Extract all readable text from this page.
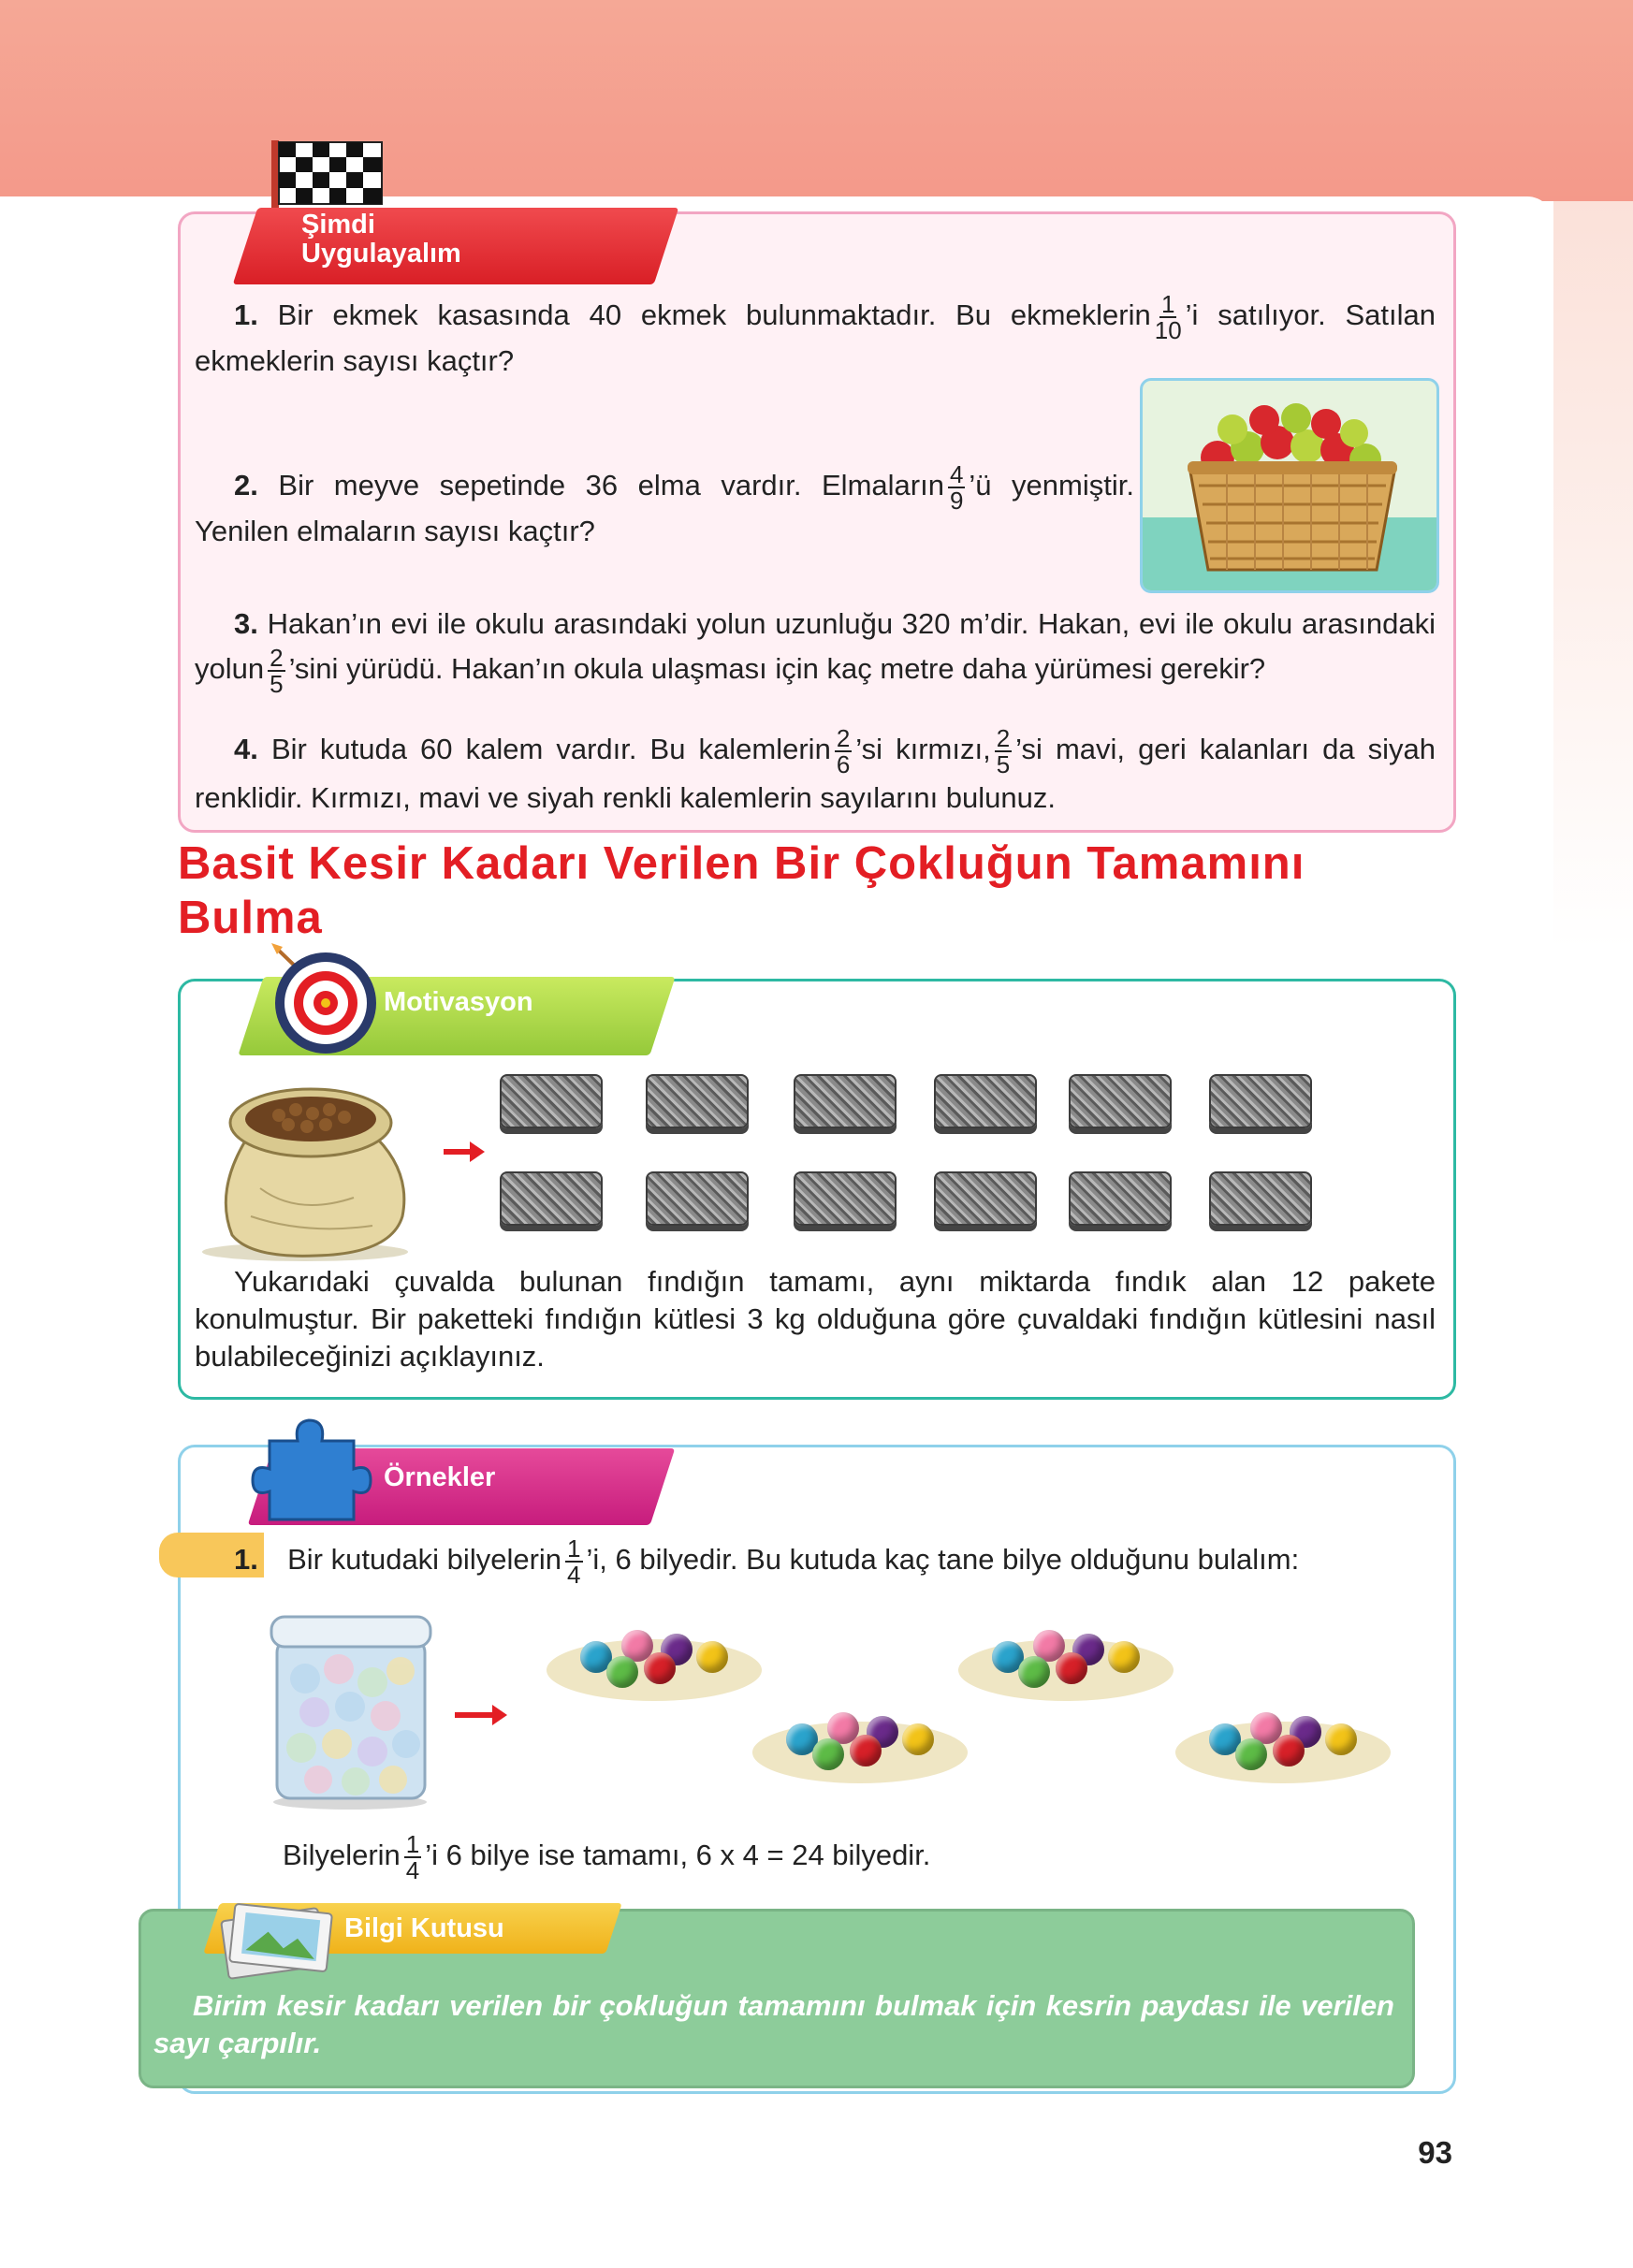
Şimdi
Uygulayalım
1. Bir ekmek kasasında 40 ekmek bulunmaktadır. Bu ekmeklerin $\frac{1}{10}$ ’i satılıyor. Satılan ekmeklerin sayısı kaçtır?
2. Bir meyve sepetinde 36 elma vardır. Elmaların $\frac{4}{9}$ ’ü yenmiştir. Yenilen elmaların sayısı kaçtır?
3. Hakan’ın evi ile okulu arasındaki yolun uzunluğu 320 m’dir. Hakan, evi ile okulu arasındaki yolun $\frac{2}{5}$ ’sini yürüdü. Hakan’ın okula ulaşması için kaç metre daha yürümesi gerekir?
4. Bir kutuda 60 kalem vardır. Bu kalemlerin $\frac{2}{6}$ ’si kırmızı, $\frac{2}{5}$ ’si mavi, geri kalanları da siyah renklidir. Kırmızı, mavi ve siyah renkli kalemlerin sayılarını bulunuz.
Basit Kesir Kadarı Verilen Bir Çokluğun Tamamını Bulma
Motivasyon
Yukarıdaki çuvalda bulunan fındığın tamamı, aynı miktarda fındık alan 12 pakete konulmuştur. Bir paketteki fındığın kütlesi 3 kg olduğuna göre çuvaldaki fındığın kütlesini nasıl bulabileceğinizi açıklayınız.
Örnekler
1. Bir kutudaki bilyelerin $\frac{1}{4}$ ’i, 6 bilyedir. Bu kutuda kaç tane bilye olduğunu bulalım:
Bilyelerin $\frac{1}{4}$ ’i 6 bilye ise tamamı, 6 x 4 = 24 bilyedir.
Bilgi Kutusu
Birim kesir kadarı verilen bir çokluğun tamamını bulmak için kesrin paydası ile verilen sayı çarpılır.
93
